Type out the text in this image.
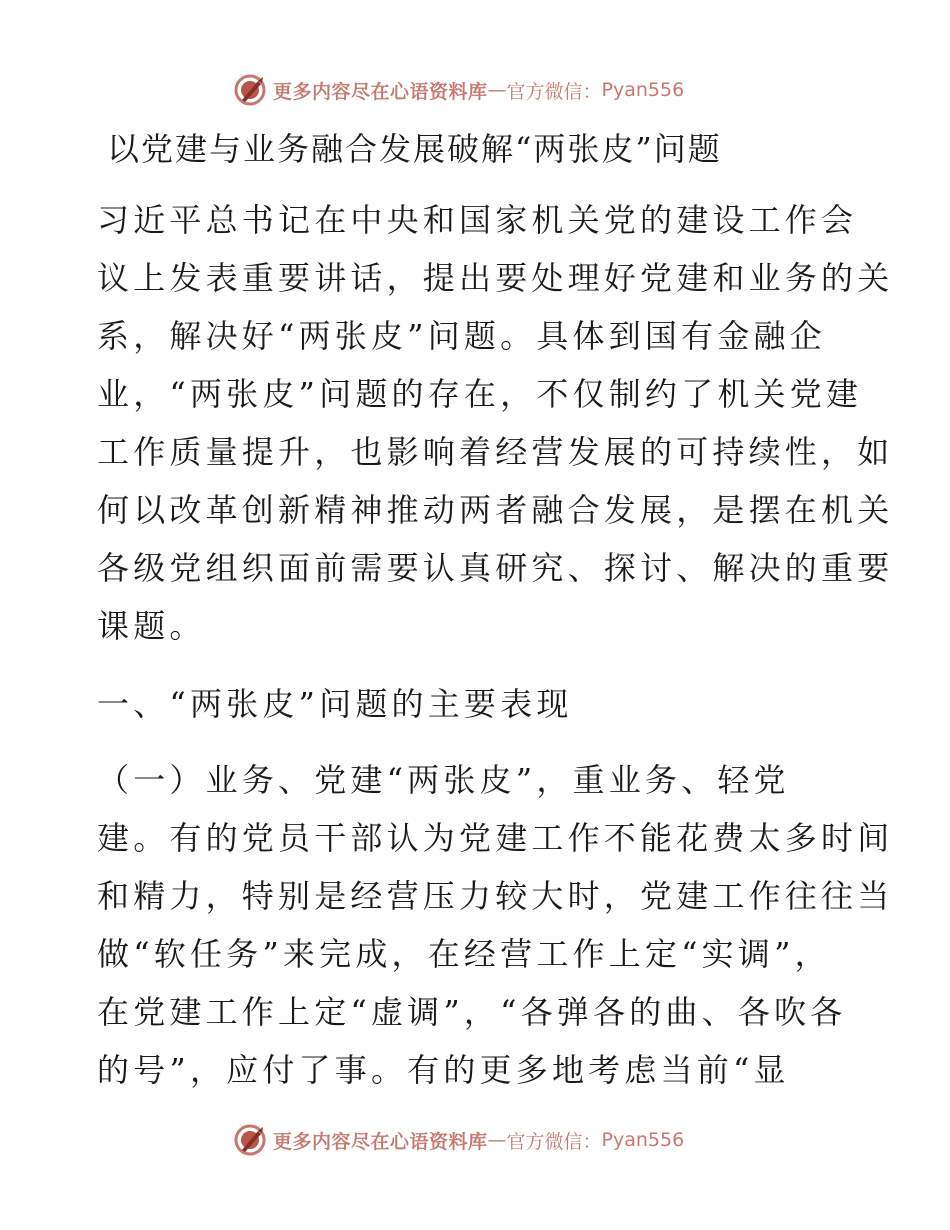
更多内容尽在心语资料库 — 官方微信： Pyan556
以党建与业务融合发展破解“两张皮”问题

习近平总书记在中央和国家机关党的建设工作会

议上发表重要讲话，提出要处理好党建和业务的关

系，解决好“两张皮”问题。具体到国有金融企

业，“两张皮”问题的存在，不仅制约了机关党建

工作质量提升，也影响着经营发展的可持续性，如

何以改革创新精神推动两者融合发展，是摆在机关

各级党组织面前需要认真研究、探讨、解决的重要

课题。

一、“两张皮”问题的主要表现

（一）业务、党建“两张皮”，重业务、轻党

建。有的党员干部认为党建工作不能花费太多时间

和精力，特别是经营压力较大时，党建工作往往当

做“软任务”来完成，在经营工作上定“实调”，

在党建工作上定“虚调”，“各弹各的曲、各吹各

的号”，应付了事。有的更多地考虑当前“显

更多内容尽在心语资料库 — 官方微信： Pyan556
